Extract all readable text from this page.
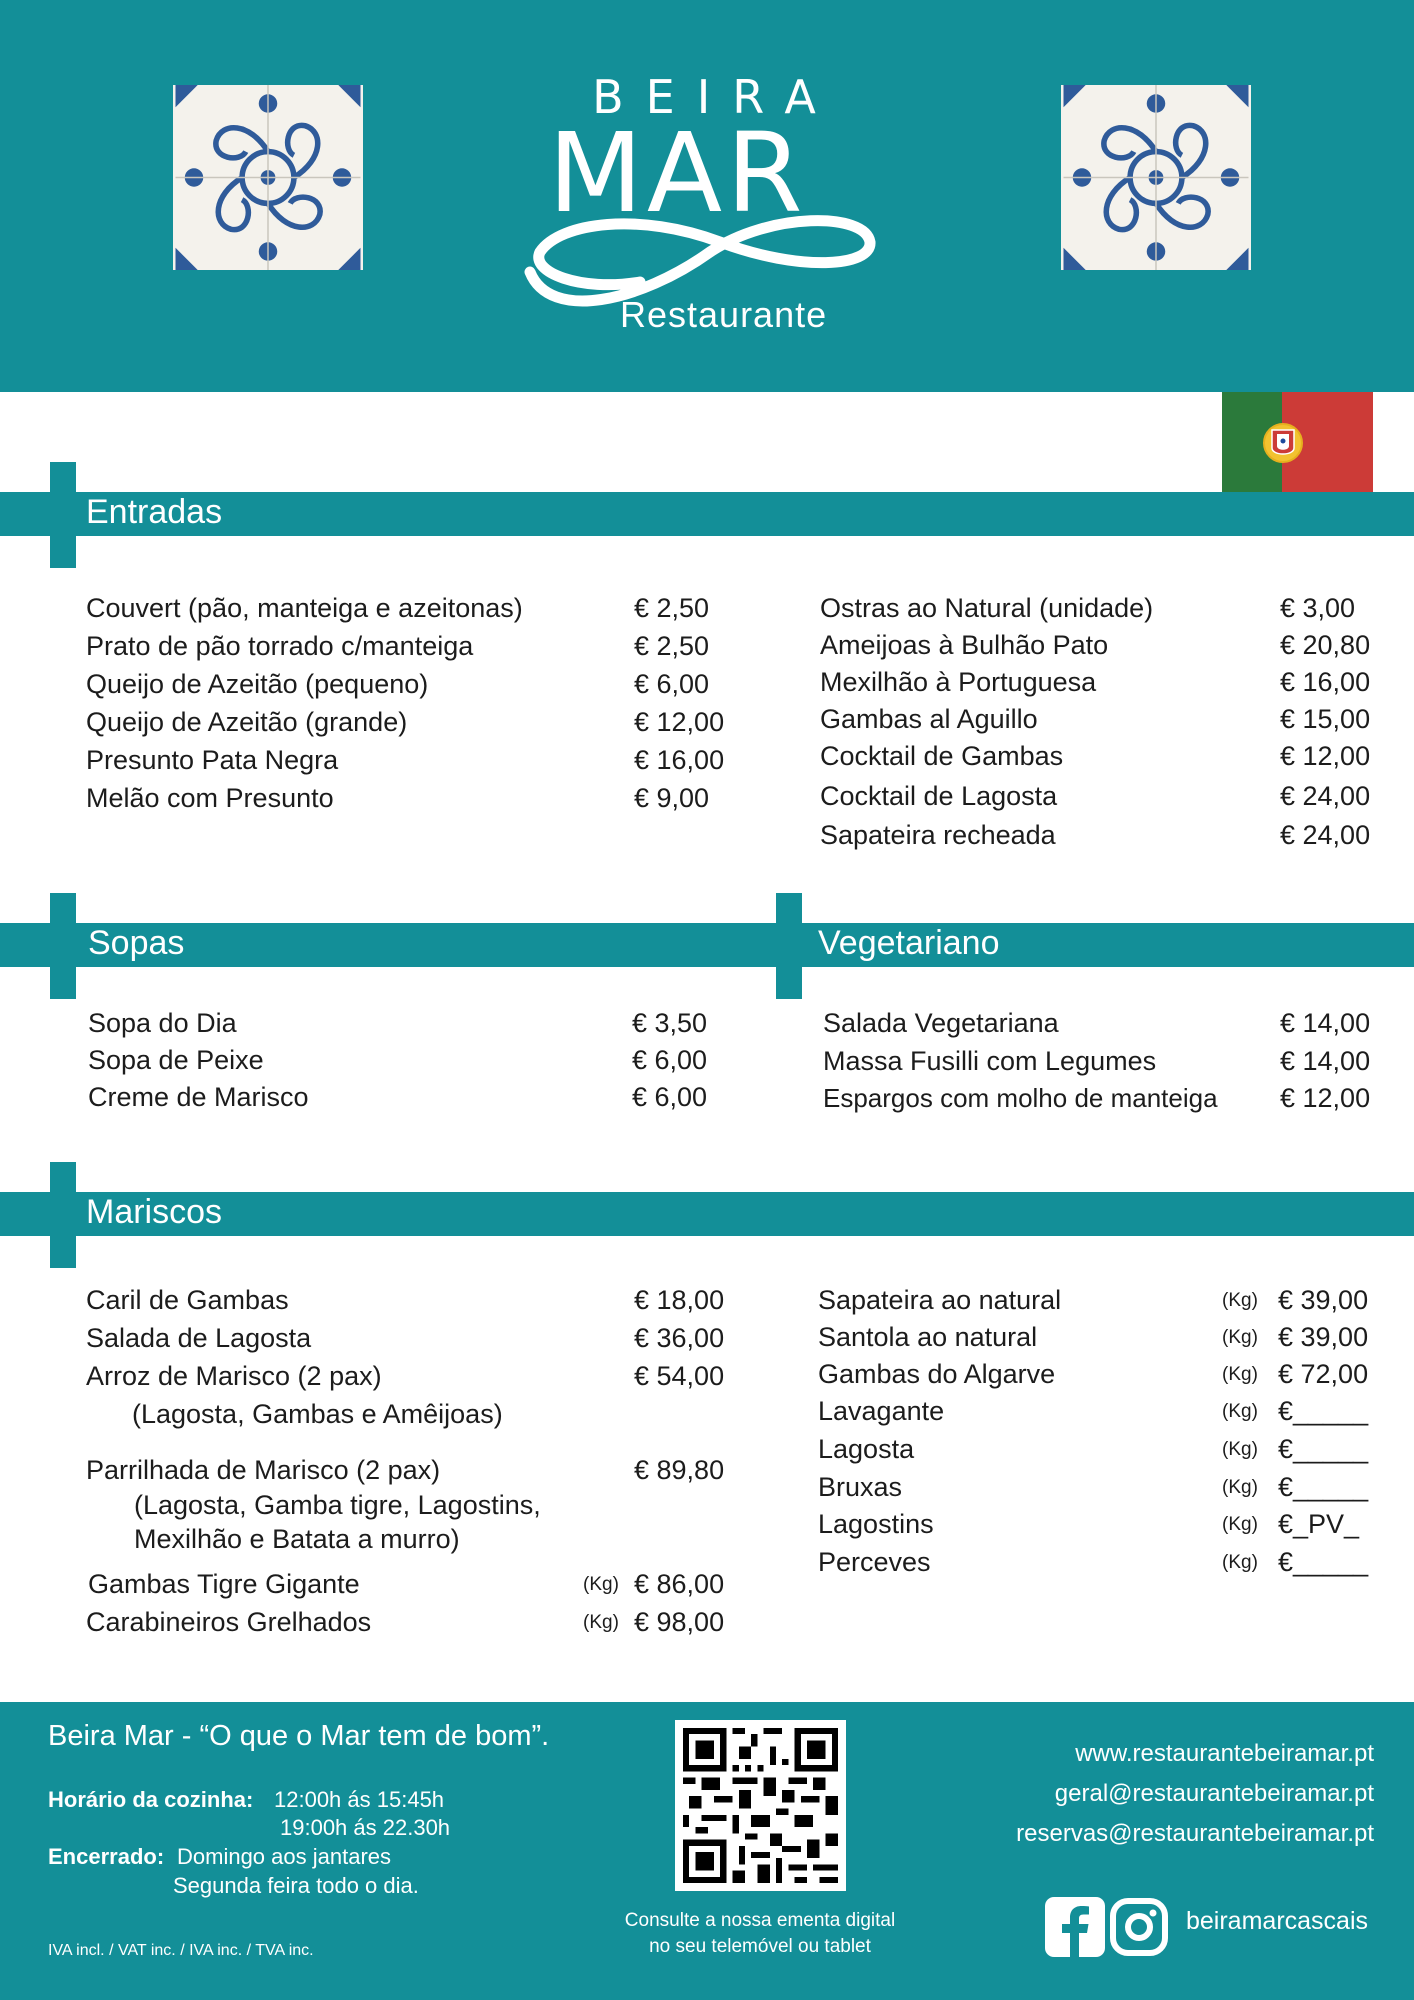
BEIRA
MAR
Restaurante
Entradas
Couvert (pão, manteiga e azeitonas)	€ 2,50
Prato de pão torrado c/manteiga	€ 2,50
Queijo de Azeitão (pequeno)	€ 6,00
Queijo de Azeitão (grande)	€ 12,00
Presunto Pata Negra	€ 16,00
Melão com Presunto	€ 9,00
Ostras ao Natural (unidade)	€ 3,00
Ameijoas à Bulhão Pato	€ 20,80
Mexilhão à Portuguesa	€ 16,00
Gambas al Aguillo	€ 15,00
Cocktail de Gambas	€ 12,00
Cocktail de Lagosta	€ 24,00
Sapateira recheada	€ 24,00
Sopas	Vegetariano
Sopa do Dia	€ 3,50
Sopa de Peixe	€ 6,00
Creme de Marisco	€ 6,00
Salada Vegetariana	€ 14,00
Massa Fusilli com Legumes	€ 14,00
Espargos com molho de manteiga € 12,00
Mariscos
Caril de Gambas	€ 18,00
Salada de Lagosta	€ 36,00
Arroz de Marisco (2 pax)	€ 54,00
(Lagosta, Gambas e Amêijoas)
Parrilhada de Marisco (2 pax)	€ 89,80
(Lagosta, Gamba tigre, Lagostins,
Mexilhão e Batata a murro)
Gambas Tigre Gigante	(Kg) € 86,00
Carabineiros Grelhados	(Kg) € 98,00
Sapateira ao natural	(Kg) € 39,00
Santola ao natural	(Kg) € 39,00
Gambas do Algarve	(Kg) € 72,00
Lavagante	(Kg) €_____
Lagosta	(Kg) €_____
Bruxas	(Kg) €_____
Lagostins	(Kg) €_PV_
Perceves	(Kg) €_____
Beira Mar - “O que o Mar tem de bom”.
Horário da cozinha: 12:00h ás 15:45h
19:00h ás 22.30h
Encerrado: Domingo aos jantares
Segunda feira todo o dia.
IVA incl. / VAT inc. / IVA inc. / TVA inc.
Consulte a nossa ementa digital
no seu telemóvel ou tablet
www.restaurantebeiramar.pt
geral@restaurantebeiramar.pt
reservas@restaurantebeiramar.pt
beiramarcascais
